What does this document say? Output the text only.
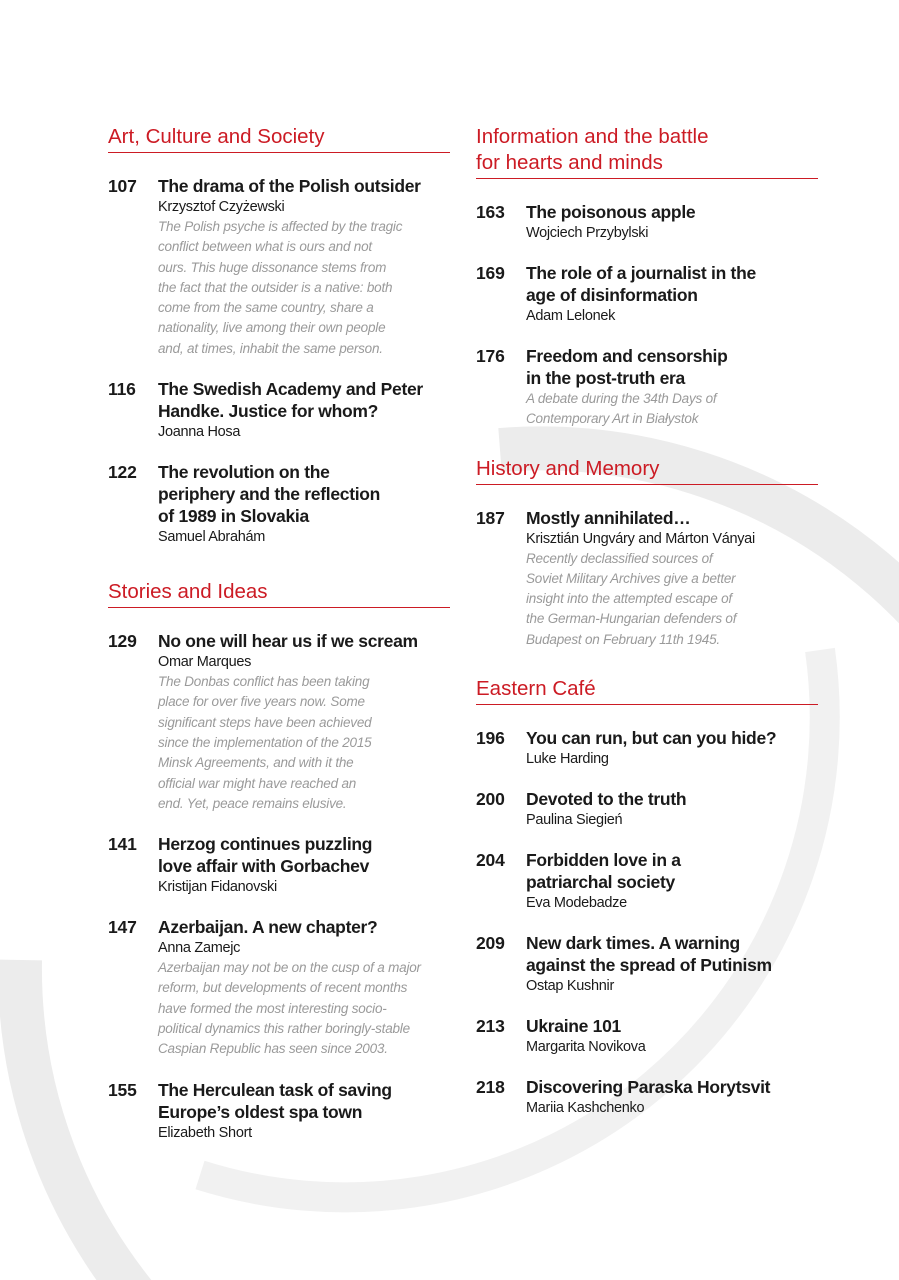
Art, Culture and Society
107	The drama of the Polish outsider
Krzysztof Czyżewski
The Polish psyche is affected by the tragic
conflict between what is ours and not
ours. This huge dissonance stems from
the fact that the outsider is a native: both
come from the same country, share a
nationality, live among their own people
and, at times, inhabit the same person.
116	The Swedish Academy and Peter
Handke. Justice for whom?
Joanna Hosa
122	The revolution on the
periphery and the reflection
of 1989 in Slovakia
Samuel Abrahám
Stories and Ideas
129	No one will hear us if we scream
Omar Marques
The Donbas conflict has been taking
place for over five years now. Some
significant steps have been achieved
since the implementation of the 2015
Minsk Agreements, and with it the
official war might have reached an
end. Yet, peace remains elusive.
141	Herzog continues puzzling
love affair with Gorbachev
Kristijan Fidanovski
147	Azerbaijan. A new chapter?
Anna Zamejc
Azerbaijan may not be on the cusp of a major
reform, but developments of recent months
have formed the most interesting socio-
political dynamics this rather boringly-stable
Caspian Republic has seen since 2003.
155	The Herculean task of saving
Europe’s oldest spa town
Elizabeth Short
Information and the battle
for hearts and minds
163	The poisonous apple
Wojciech Przybylski
169	The role of a journalist in the
age of disinformation
Adam Lelonek
176	Freedom and censorship
in the post-truth era
A debate during the 34th Days of
Contemporary Art in Białystok
History and Memory
187	Mostly annihilated…
Krisztián Ungváry and Márton Ványai
Recently declassified sources of
Soviet Military Archives give a better
insight into the attempted escape of
the German-Hungarian defenders of
Budapest on February 11th 1945.
Eastern Café
196	You can run, but can you hide?
Luke Harding
200	Devoted to the truth
Paulina Siegień
204	Forbidden love in a
patriarchal society
Eva Modebadze
209	New dark times. A warning
against the spread of Putinism
Ostap Kushnir
213	Ukraine 101
Margarita Novikova
218	Discovering Paraska Horytsvit
Mariia Kashchenko
